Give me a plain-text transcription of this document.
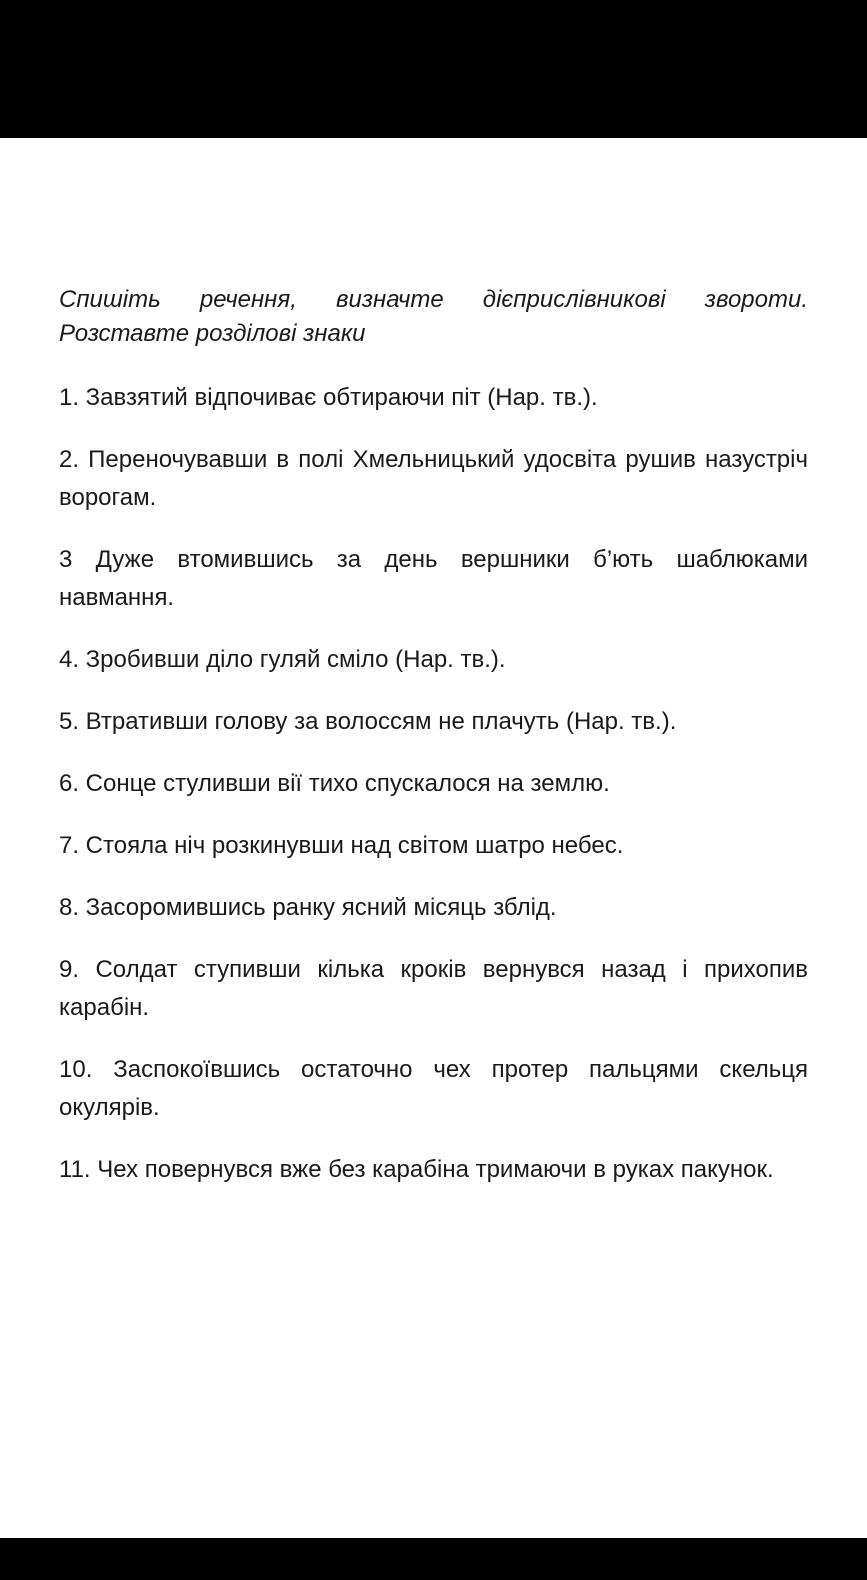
Спишіть речення, визначте дієприслівникові звороти. Розставте розділові знаки

1. Завзятий відпочиває обтираючи піт (Нар. тв.).

2. Переночувавши в полі Хмельницький удосвіта рушив назустріч ворогам.

3 Дуже втомившись за день вершники б’ють шаблюками навмання.

4. Зробивши діло гуляй сміло (Нар. тв.).

5. Втративши голову за волоссям не плачуть (Нар. тв.).

6. Сонце стуливши вії тихо спускалося на землю.

7. Стояла ніч розкинувши над світом шатро небес.

8. Засоромившись ранку ясний місяць зблід.

9. Солдат ступивши кілька кроків вернувся назад і прихопив карабін.

10. Заспокоївшись остаточно чех протер пальцями скельця окулярів.

11. Чех повернувся вже без карабіна тримаючи в руках пакунок.
